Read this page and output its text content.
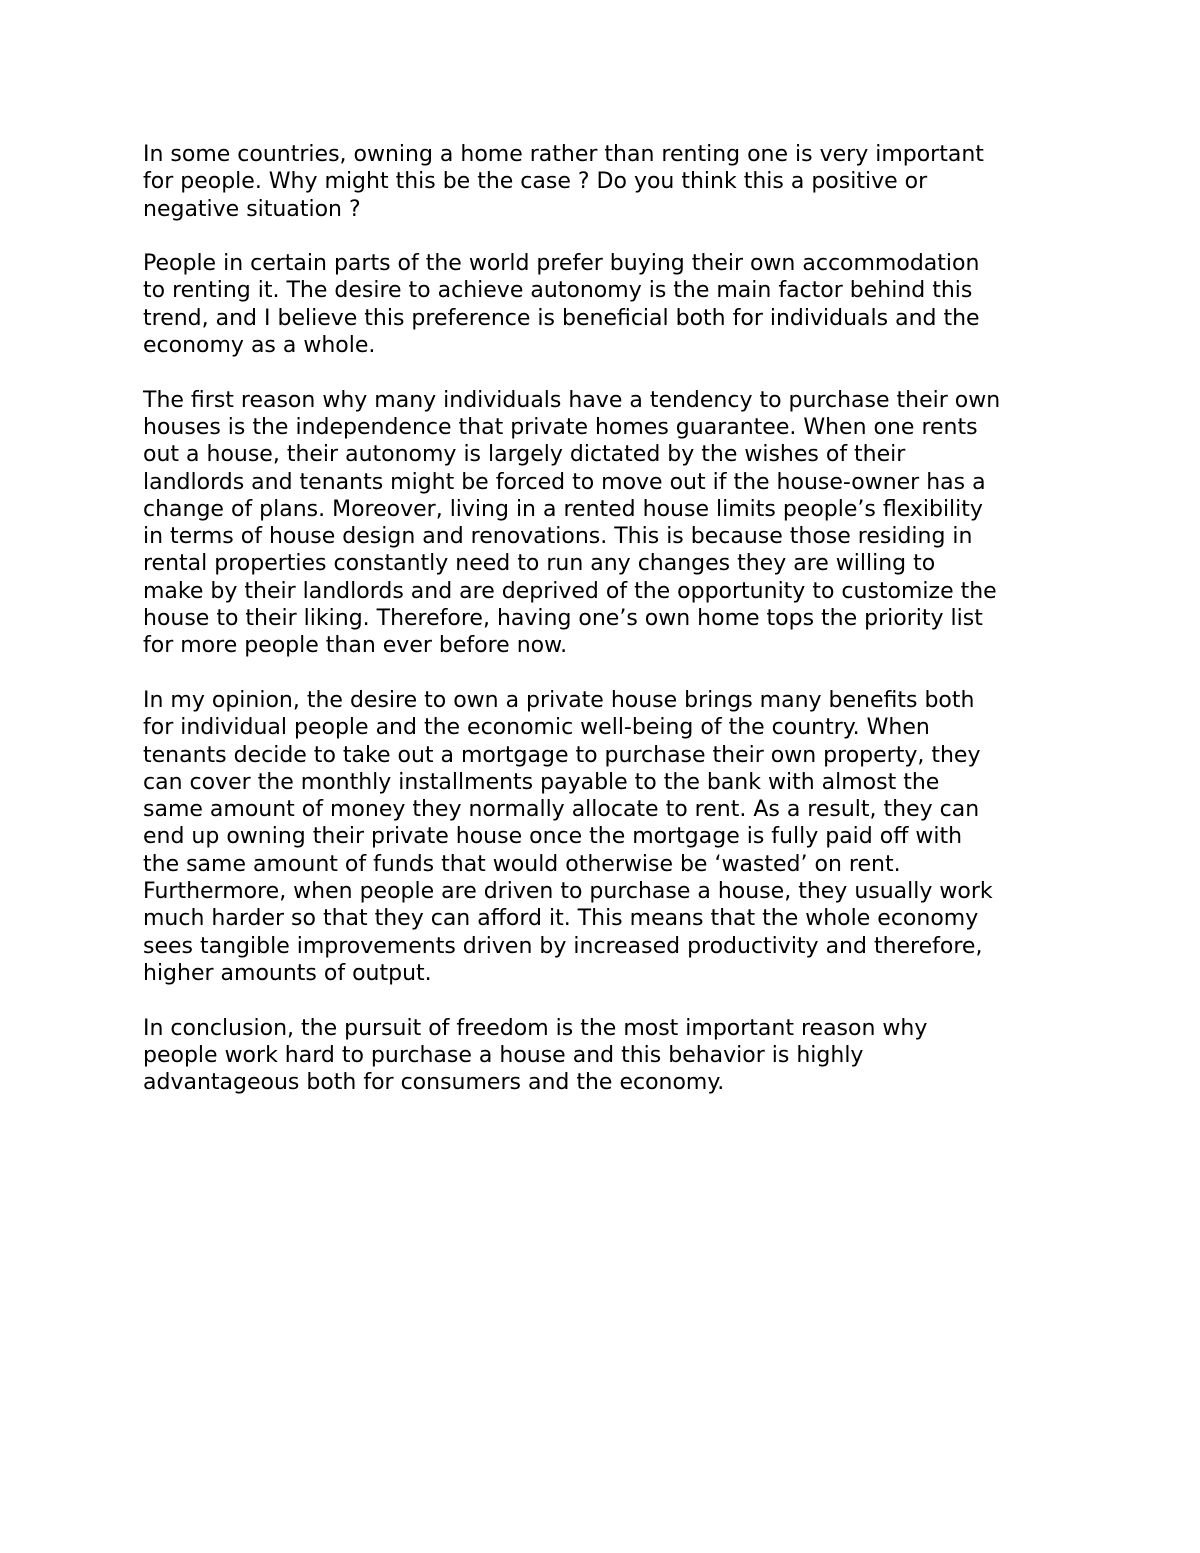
In some countries, owning a home rather than renting one is very important
for people. Why might this be the case ? Do you think this a positive or
negative situation ?

People in certain parts of the world prefer buying their own accommodation
to renting it. The desire to achieve autonomy is the main factor behind this
trend, and I believe this preference is beneficial both for individuals and the
economy as a whole.

The first reason why many individuals have a tendency to purchase their own
houses is the independence that private homes guarantee. When one rents
out a house, their autonomy is largely dictated by the wishes of their
landlords and tenants might be forced to move out if the house-owner has a
change of plans. Moreover, living in a rented house limits people’s flexibility
in terms of house design and renovations. This is because those residing in
rental properties constantly need to run any changes they are willing to
make by their landlords and are deprived of the opportunity to customize the
house to their liking. Therefore, having one’s own home tops the priority list
for more people than ever before now.

In my opinion, the desire to own a private house brings many benefits both
for individual people and the economic well-being of the country. When
tenants decide to take out a mortgage to purchase their own property, they
can cover the monthly installments payable to the bank with almost the
same amount of money they normally allocate to rent. As a result, they can
end up owning their private house once the mortgage is fully paid off with
the same amount of funds that would otherwise be ‘wasted’ on rent.
Furthermore, when people are driven to purchase a house, they usually work
much harder so that they can afford it. This means that the whole economy
sees tangible improvements driven by increased productivity and therefore,
higher amounts of output.

In conclusion, the pursuit of freedom is the most important reason why
people work hard to purchase a house and this behavior is highly
advantageous both for consumers and the economy.
